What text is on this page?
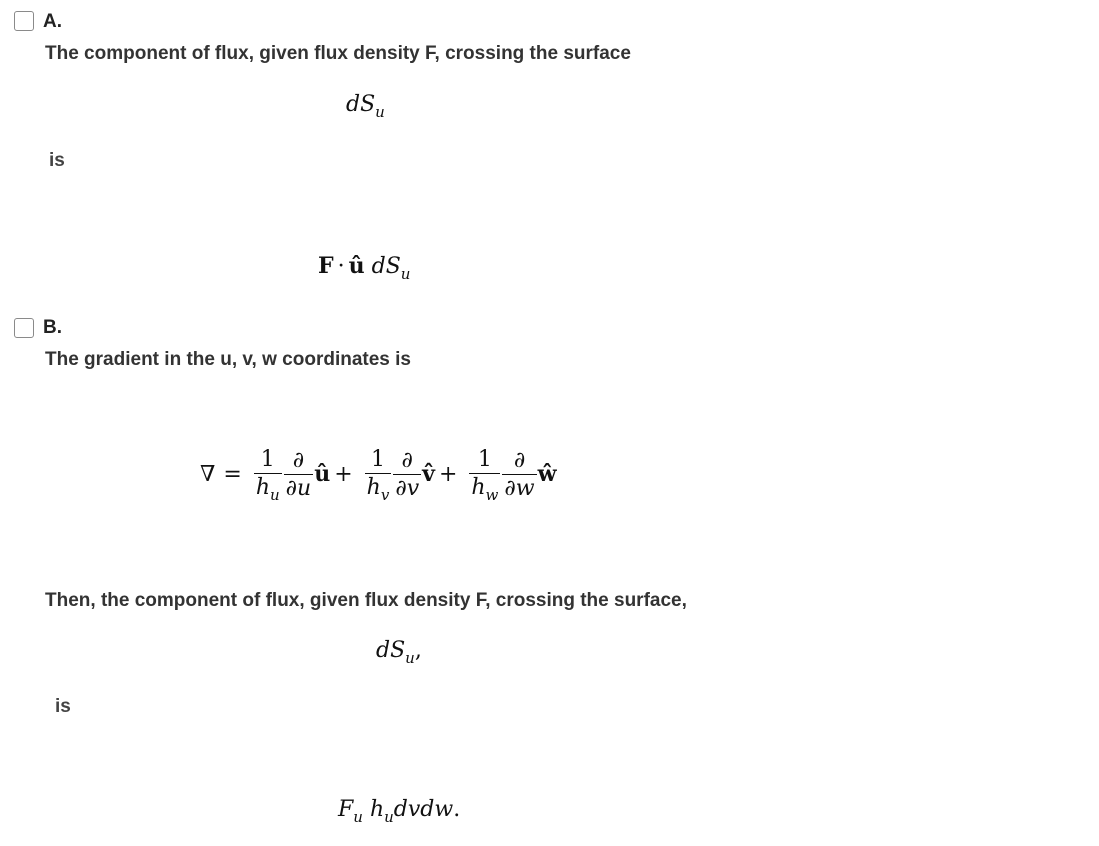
A.
The component of flux, given flux density F, crossing the surface
$dS_u$
is
F · û $dS_u$
B.
The gradient in the u, v, w coordinates is
∇ = $\frac{1}{h_u} \frac{\partial}{\partial u}$ û + $\frac{1}{h_v} \frac{\partial}{\partial v}$ v̂ + $\frac{1}{h_w} \frac{\partial}{\partial w}$ ŵ
Then, the component of flux, given flux density F, crossing the surface,
$dS_u$,
is
$F_u$ $h_udvdw$.
